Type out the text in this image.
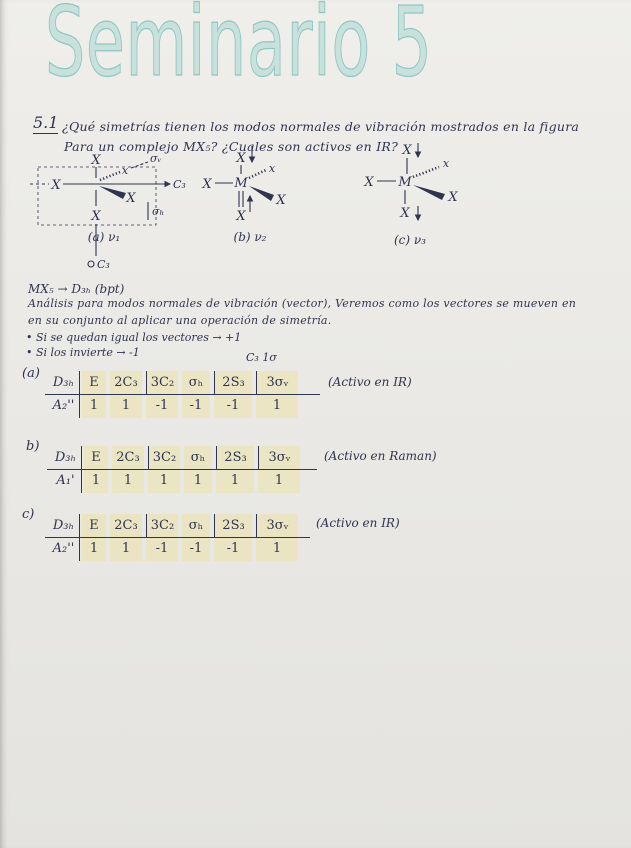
Seminario 5
5.1 ¿Qué simetrías tienen los modos normales de vibración mostrados en la figura
Para un complejo MX₅? ¿Cuales son activos en IR?
X
X
X
X
x
σᵥ
C₃
σₕ
(a) ν₁
C₃
M
X
X
X
X
x
(b) ν₂
M
X
X
X
X
x
(c) ν₃
MX₅ → D₃ₕ (bpt)
Análisis para modos normales de vibración (vector), Veremos como los vectores se mueven en
en su conjunto al aplicar una operación de simetría.
• Si se quedan igual los vectores → +1
• Si los invierte → -1	C₃ 1σ
(a)
D₃ₕ	E	2C₃	3C₂	σₕ	2S₃	3σᵥ
A₂''	1	1	-1	-1	-1	1
(Activo en IR)
b)
D₃ₕ	E	2C₃	3C₂	σₕ	2S₃	3σᵥ
A₁'	1	1	1	1	1	1
(Activo en Raman)
c)
D₃ₕ	E	2C₃	3C₂	σₕ	2S₃	3σᵥ
A₂''	1	1	-1	-1	-1	1
(Activo en IR)
